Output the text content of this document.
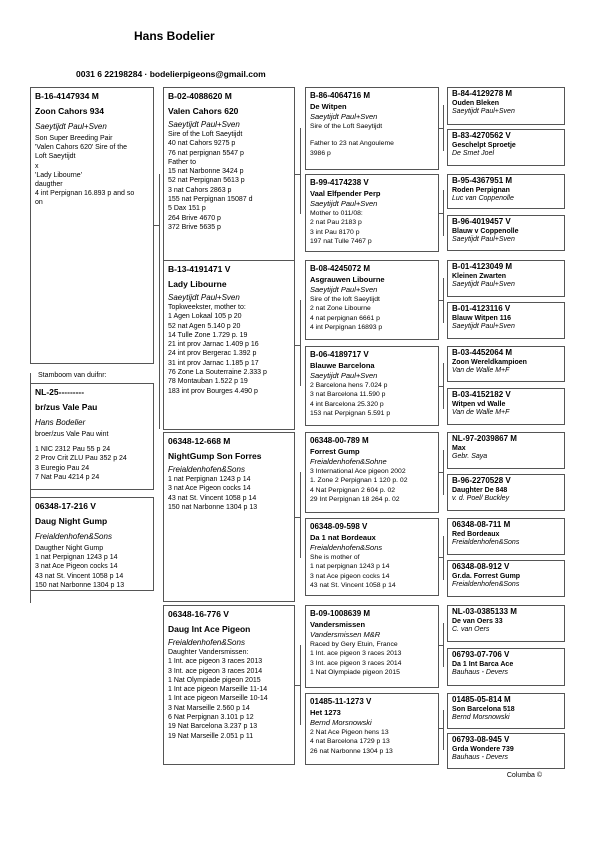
Hans Bodelier
0031 6 22198284 · bodelierpigeons@gmail.com
B-16-4147934 M
Zoon Cahors 934
Saeytijdt Paul+Sven
Son Super Breeding Pair
'Valen Cahors 620' Sire of the
Loft Saeytijdt
x
'Lady Libourne'
daugther
4 int Perpignan 16.893 p and so
on
Stamboom van duifnr:
NL-25---------
br/zus Vale Pau
Hans Bodelier
broer/zus Vale Pau wint
1 NIC 2312 Pau 55 p 24
2 Prov Crit ZLU Pau 352 p 24
3 Euregio Pau 24
7 Nat Pau 4214 p 24
06348-17-216 V
Daug Night Gump
Freialdenhofen&Sons
Daugther Night Gump
1 nat Perpignan 1243 p 14
3 nat Ace Pigeon cocks 14
43 nat St. Vincent 1058 p 14
150 nat Narbonne 1304 p 13
B-02-4088620 M
Valen Cahors 620
Saeytijdt Paul+Sven
Sire of the Loft Saeytijdt
40 nat Cahors 9275 p
76 nat perpignan 5547 p
Father to
15 nat Narbonne 3424 p
52 nat Perpignan 5613 p
3 nat Cahors 2863 p
155 nat Perpignan 15087 d
5 Dax 151 p
264 Brive 4670 p
372 Brive 5635 p
B-13-4191471 V
Lady Libourne
Saeytijdt Paul+Sven
Topkweekster, mother to:
1 Agen Lokaal 105 p 20
52 nat Agen 5.140 p 20
14 Tulle Zone 1.729 p. 19
21 int prov Jarnac 1.409 p 16
24 int prov Bergerac 1.392 p
31 int prov Jarnac 1.185 p 17
76 Zone La Souterraine 2.333 p
78 Montauban 1.522 p 19
183 int prov Bourges 4.490 p
06348-12-668 M
NightGump Son Forres
Freialdenhofen&Sons
1 nat Perpignan 1243 p 14
3 nat Ace Pigeon cocks 14
43 nat St. Vincent 1058 p 14
150 nat Narbonne 1304 p 13
06348-16-776 V
Daug Int Ace Pigeon
Freialdenhofen&Sons
Daughter Vandersmissen:
1 Int. ace pigeon 3 races 2013
3 Int. ace pigeon 3 races 2014
1 Nat Olympiade pigeon 2015
1 Int ace pigeon Marseille 11-14
1 Int ace pigeon Marseille 10-14
3 Nat Marseille 2.560 p 14
6 Nat Perpignan 3.101 p 12
19 Nat Barcelona 3.237 p 13
19 Nat Marseille 2.051 p 11
B-86-4064716 M
De Witpen
Saeytijdt Paul+Sven
Sire of the Loft Saeytijdt
Father to 23 nat Angouleme
3986 p
B-99-4174238 V
Vaal Elfpender Perp
Saeytijdt Paul+Sven
Mother to 011/08:
2 nat Pau 2183 p
3 int Pau 8170 p
197 nat Tulle 7467 p
B-08-4245072 M
Asgrauwen Libourne
Saeytijdt Paul+Sven
Sire of the loft Saeytijdt
2 nat Zone Libourne
4 nat perpignan 6661 p
4 int Perpignan 16893 p
B-06-4189717 V
Blauwe Barcelona
Saeytijdt Paul+Sven
2 Barcelona hens 7.024 p
3 nat Barcelona 11.590 p
4 int Barcelona 25.320 p
153 nat Perpignan 5.591 p
06348-00-789 M
Forrest Gump
Freialdenhofen&Sohne
3 International Ace pigeon 2002
1. Zone 2 Perpignan 1 120 p. 02
4 Nat Perpignan 2 604 p. 02
29 Int Perpignan 18 264 p. 02
06348-09-598 V
Da 1 nat Bordeaux
Freialdenhofen&Sons
She is mother of
1 nat perpignan 1243 p 14
3 nat Ace pigeon cocks 14
43 nat St. Vincent 1058 p 14
B-09-1008639 M
Vandersmissen
Vandersmissen M&R
Raced by Gery Etuin, France
1 Int. ace pigeon 3 races 2013
3 Int. ace pigeon 3 races 2014
1 Nat Olympiade pigeon 2015
01485-11-1273 V
Het 1273
Bernd Morsnowski
2 Nat Ace Pigeon hens 13
4 nat Barcelona 1729 p 13
26 nat Narbonne 1304 p 13
B-84-4129278 M
Ouden Bleken
Saeytijdt Paul+Sven
B-83-4270562 V
Geschelpt Sproetje
De Smet Joel
B-95-4367951 M
Roden Perpignan
Luc van Coppenolle
B-96-4019457 V
Blauw v Coppenolle
Saeytijdt Paul+Sven
B-01-4123049 M
Kleinen Zwarten
Saeytijdt Paul+Sven
B-01-4123116 V
Blauw Witpen 116
Saeytijdt Paul+Sven
B-03-4452064 M
Zoon Wereldkampioen
Van de Walle M+F
B-03-4152182 V
Witpen vd Walle
Van de Walle M+F
NL-97-2039867 M
Max
Gebr. Saya
B-96-2270528 V
Daughter De 848
v. d. Poel/ Buckley
06348-08-711 M
Red Bordeaux
Freialdenhofen&Sons
06348-08-912 V
Gr.da. Forrest Gump
Freialdenhofen&Sons
NL-03-0385133 M
De van Oers 33
C. van Oers
06793-07-706 V
Da 1 Int Barca Ace
Bauhaus - Devers
01485-05-814 M
Son Barcelona 518
Bernd Morsnowski
06793-08-945 V
Grda Wondere 739
Bauhaus - Devers
Columba ©
